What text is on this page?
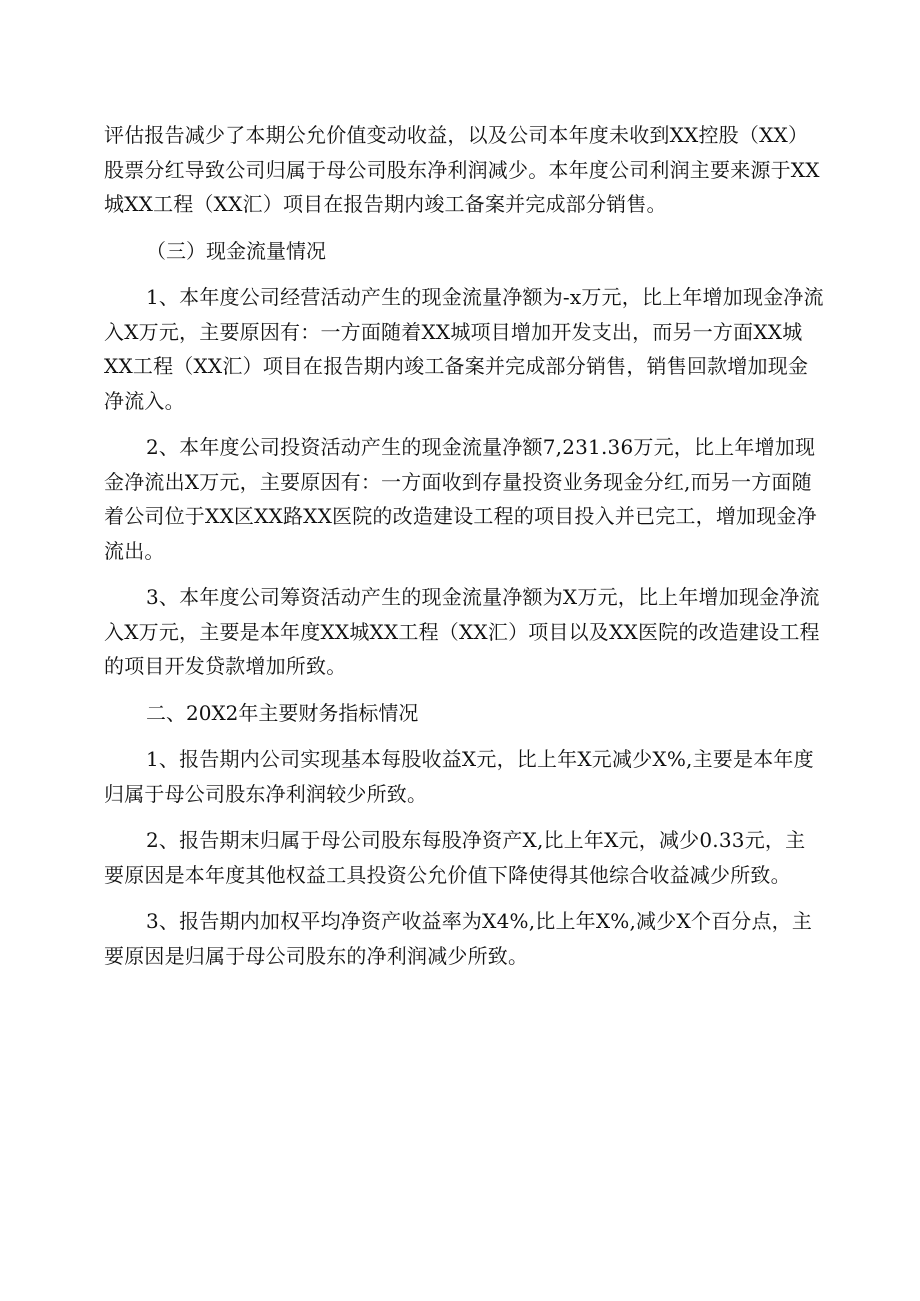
评估报告减少了本期公允价值变动收益，以及公司本年度未收到XX控股（XX）股票分红导致公司归属于母公司股东净利润减少。本年度公司利润主要来源于XX城XX工程（XX汇）项目在报告期内竣工备案并完成部分销售。

（三）现金流量情况

1、本年度公司经营活动产生的现金流量净额为-x万元，比上年增加现金净流入X万元，主要原因有：一方面随着XX城项目增加开发支出，而另一方面XX城XX工程（XX汇）项目在报告期内竣工备案并完成部分销售，销售回款增加现金净流入。

2、本年度公司投资活动产生的现金流量净额7,231.36万元，比上年增加现金净流出X万元，主要原因有：一方面收到存量投资业务现金分红,而另一方面随着公司位于XX区XX路XX医院的改造建设工程的项目投入并已完工，增加现金净流出。

3、本年度公司筹资活动产生的现金流量净额为X万元，比上年增加现金净流入X万元，主要是本年度XX城XX工程（XX汇）项目以及XX医院的改造建设工程的项目开发贷款增加所致。

二、20X2年主要财务指标情况

1、报告期内公司实现基本每股收益X元，比上年X元减少X%,主要是本年度归属于母公司股东净利润较少所致。

2、报告期末归属于母公司股东每股净资产X,比上年X元，减少0.33元，主要原因是本年度其他权益工具投资公允价值下降使得其他综合收益减少所致。

3、报告期内加权平均净资产收益率为X4%,比上年X%,减少X个百分点，主要原因是归属于母公司股东的净利润减少所致。
